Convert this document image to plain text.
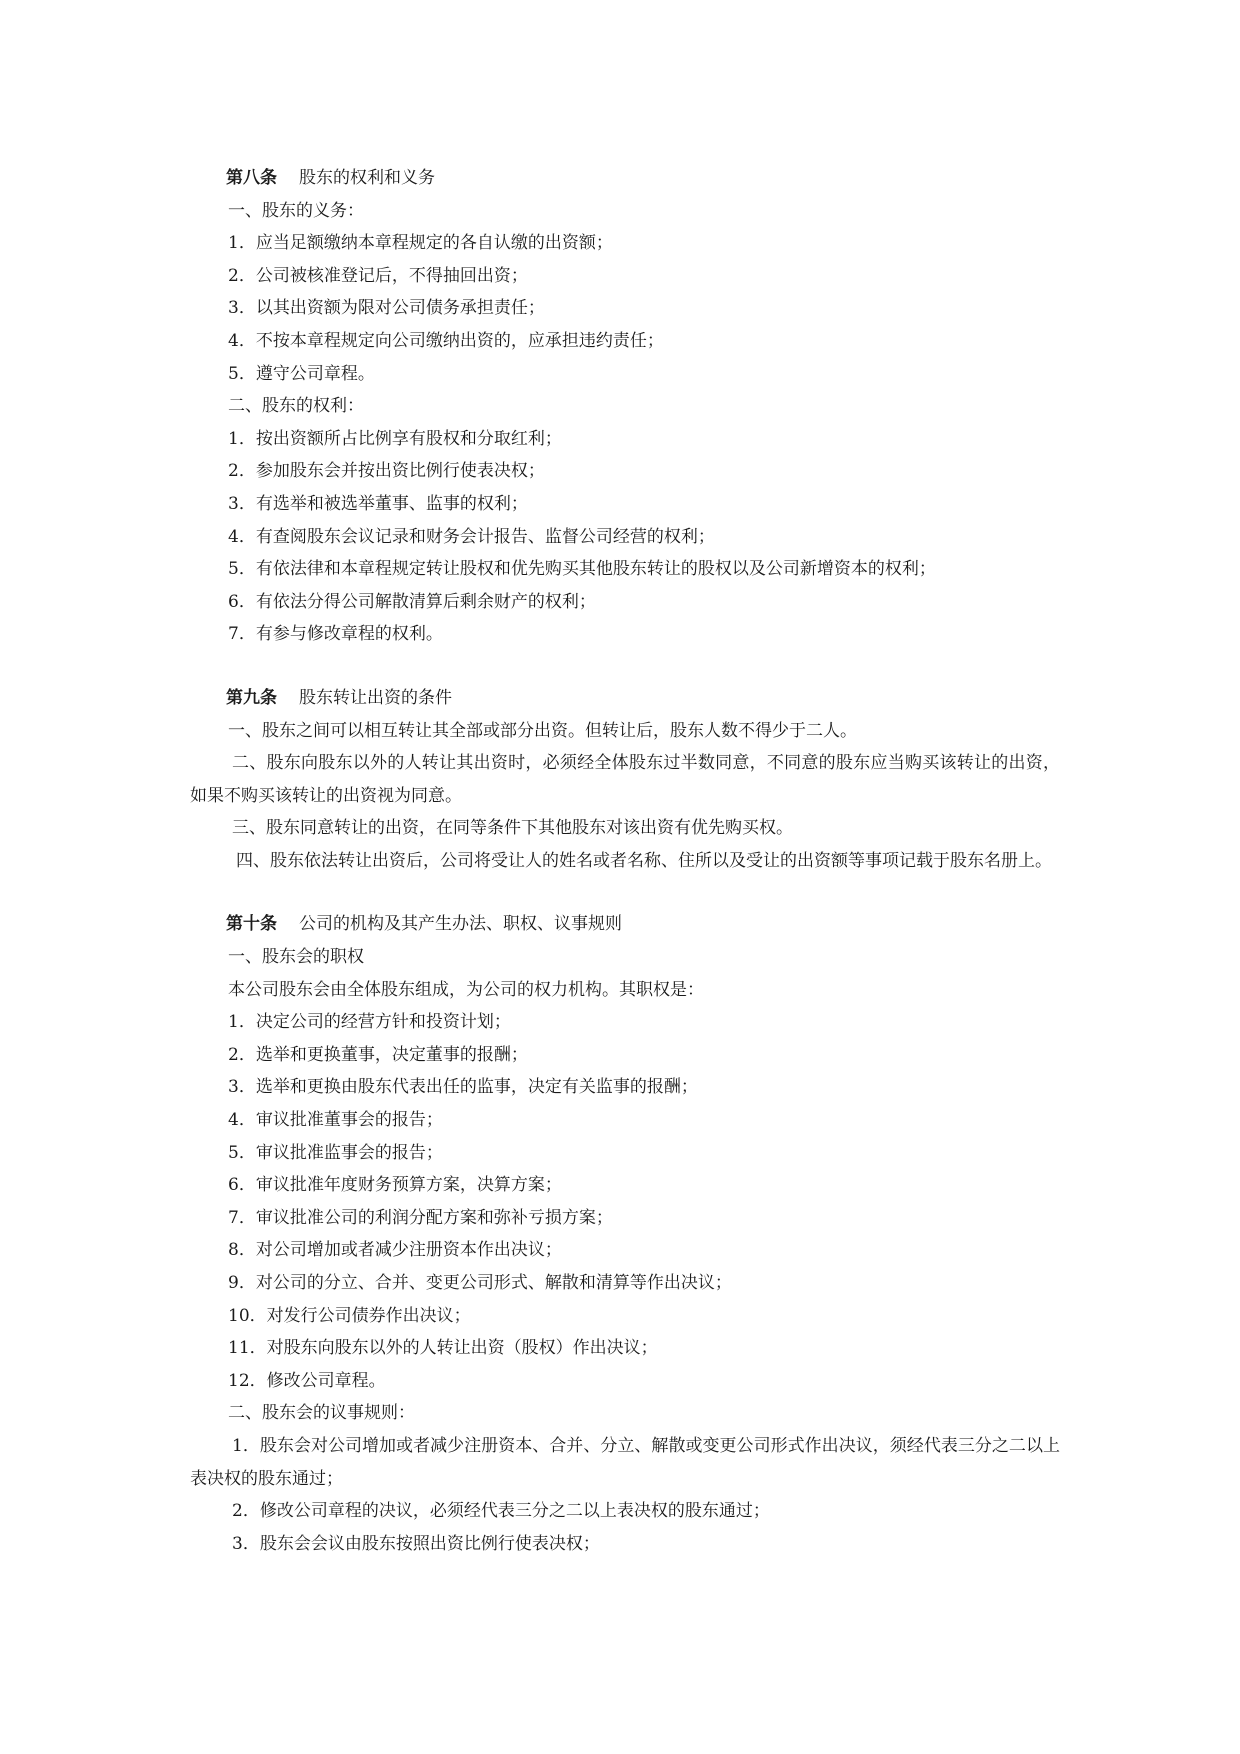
第八条 股东的权利和义务
一、股东的义务：
1．应当足额缴纳本章程规定的各自认缴的出资额；
2．公司被核准登记后，不得抽回出资；
3．以其出资额为限对公司债务承担责任；
4．不按本章程规定向公司缴纳出资的，应承担违约责任；
5．遵守公司章程。
二、股东的权利：
1．按出资额所占比例享有股权和分取红利；
2．参加股东会并按出资比例行使表决权；
3．有选举和被选举董事、监事的权利；
4．有查阅股东会议记录和财务会计报告、监督公司经营的权利；
5．有依法律和本章程规定转让股权和优先购买其他股东转让的股权以及公司新增资本的权利；
6．有依法分得公司解散清算后剩余财产的权利；
7．有参与修改章程的权利。
第九条 股东转让出资的条件
一、股东之间可以相互转让其全部或部分出资。但转让后，股东人数不得少于二人。
二、股东向股东以外的人转让其出资时，必须经全体股东过半数同意，不同意的股东应当购买该转让的出资，如果不购买该转让的出资视为同意。
三、股东同意转让的出资，在同等条件下其他股东对该出资有优先购买权。
四、股东依法转让出资后，公司将受让人的姓名或者名称、住所以及受让的出资额等事项记载于股东名册上。
第十条 公司的机构及其产生办法、职权、议事规则
一、股东会的职权
本公司股东会由全体股东组成，为公司的权力机构。其职权是：
1．决定公司的经营方针和投资计划；
2．选举和更换董事，决定董事的报酬；
3．选举和更换由股东代表出任的监事，决定有关监事的报酬；
4．审议批准董事会的报告；
5．审议批准监事会的报告；
6．审议批准年度财务预算方案，决算方案；
7．审议批准公司的利润分配方案和弥补亏损方案；
8．对公司增加或者减少注册资本作出决议；
9．对公司的分立、合并、变更公司形式、解散和清算等作出决议；
10．对发行公司债券作出决议；
11．对股东向股东以外的人转让出资（股权）作出决议；
12．修改公司章程。
二、股东会的议事规则：
1．股东会对公司增加或者减少注册资本、合并、分立、解散或变更公司形式作出决议，须经代表三分之二以上表决权的股东通过；
2．修改公司章程的决议，必须经代表三分之二以上表决权的股东通过；
3．股东会会议由股东按照出资比例行使表决权；
